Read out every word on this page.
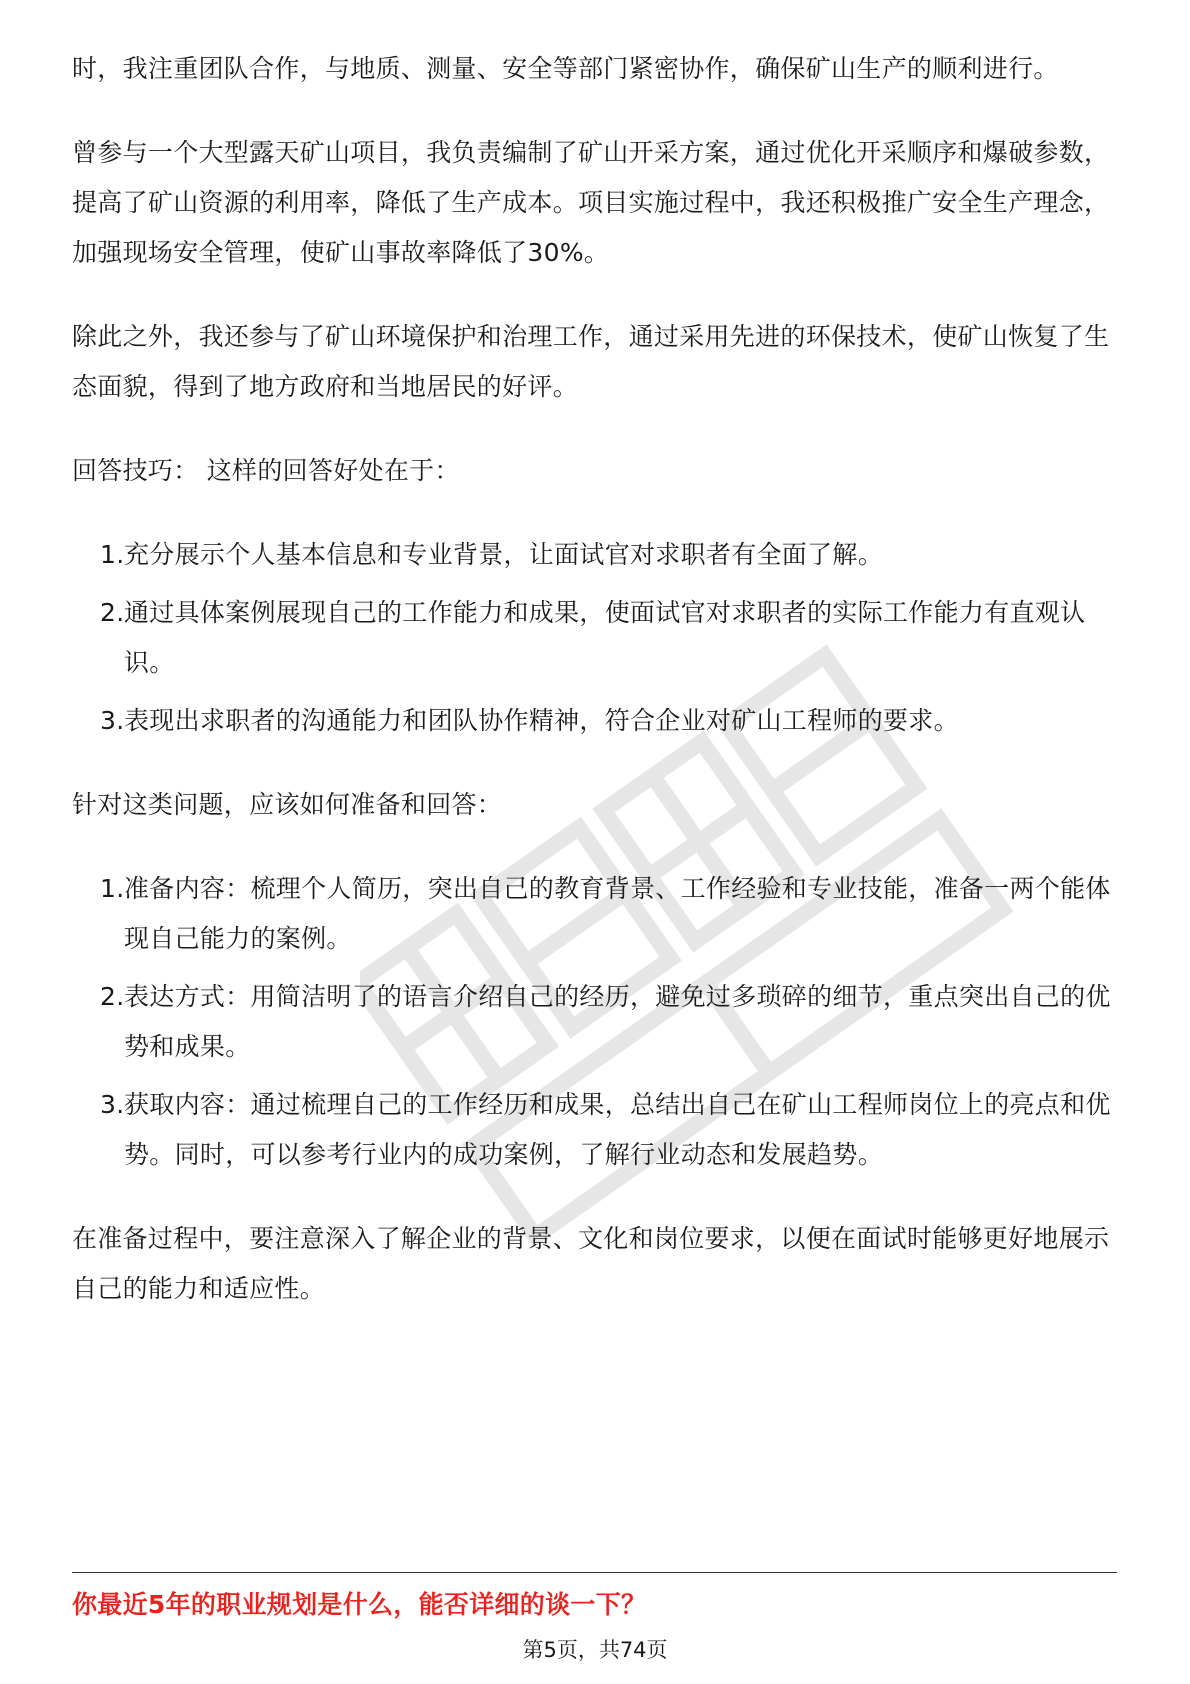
时，我注重团队合作，与地质、测量、安全等部门紧密协作，确保矿山生产的顺利进行。

曾参与一个大型露天矿山项目，我负责编制了矿山开采方案，通过优化开采顺序和爆破参数，提高了矿山资源的利用率，降低了生产成本。项目实施过程中，我还积极推广安全生产理念，加强现场安全管理，使矿山事故率降低了30%。

除此之外，我还参与了矿山环境保护和治理工作，通过采用先进的环保技术，使矿山恢复了生态面貌，得到了地方政府和当地居民的好评。

回答技巧： 这样的回答好处在于：

1. 充分展示个人基本信息和专业背景，让面试官对求职者有全面了解。
2. 通过具体案例展现自己的工作能力和成果，使面试官对求职者的实际工作能力有直观认识。
3. 表现出求职者的沟通能力和团队协作精神，符合企业对矿山工程师的要求。

针对这类问题，应该如何准备和回答：

1. 准备内容：梳理个人简历，突出自己的教育背景、工作经验和专业技能，准备一两个能体现自己能力的案例。
2. 表达方式：用简洁明了的语言介绍自己的经历，避免过多琐碎的细节，重点突出自己的优势和成果。
3. 获取内容：通过梳理自己的工作经历和成果，总结出自己在矿山工程师岗位上的亮点和优势。同时，可以参考行业内的成功案例，了解行业动态和发展趋势。

在准备过程中，要注意深入了解企业的背景、文化和岗位要求，以便在面试时能够更好地展示自己的能力和适应性。

你最近5年的职业规划是什么，能否详细的谈一下？
第5页，共74页
